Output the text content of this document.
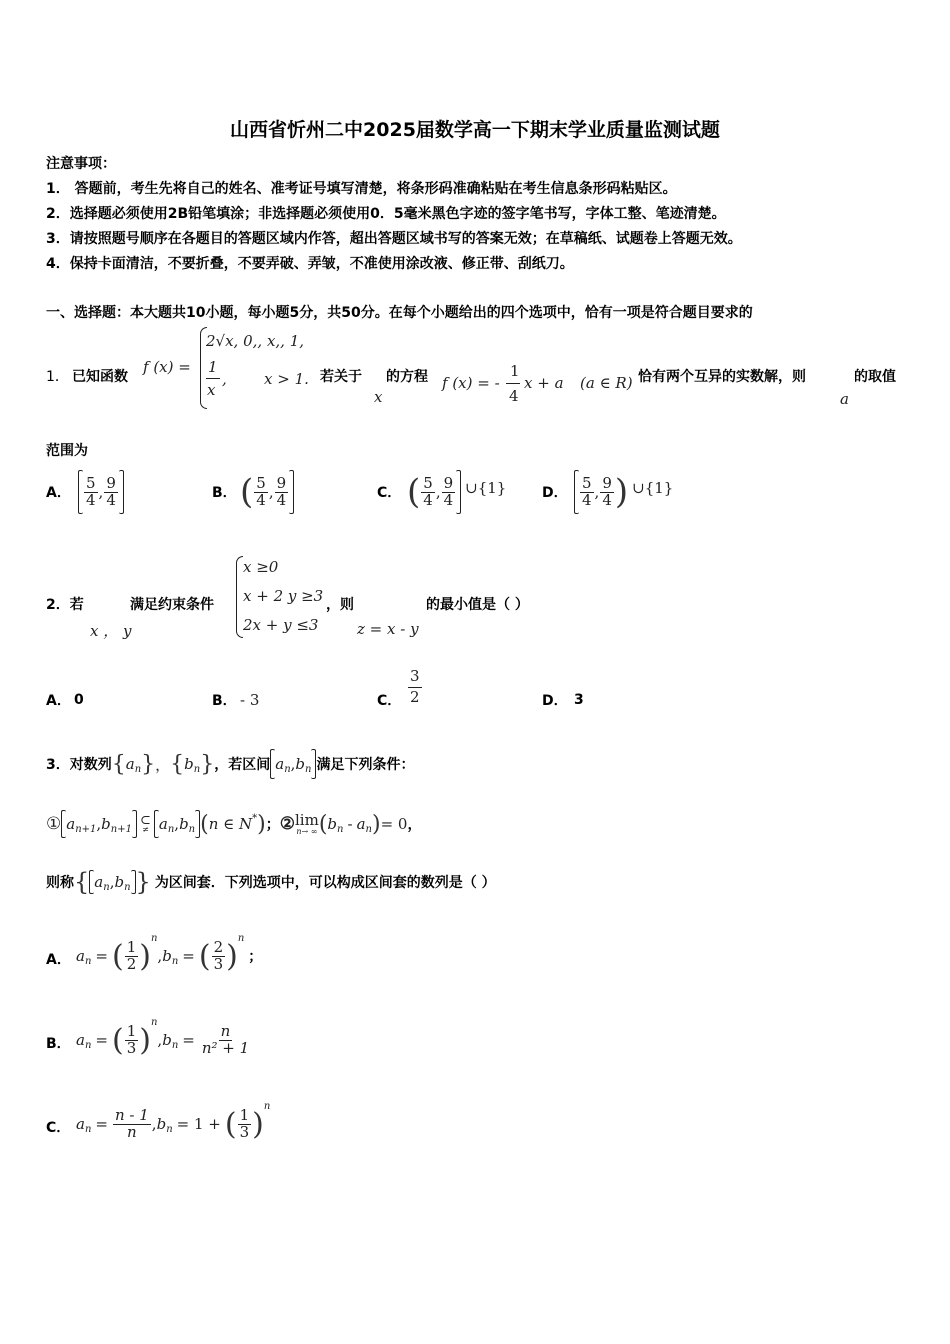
山西省忻州二中2025届数学高一下期末学业质量监测试题
注意事项：
1． 答题前，考生先将自己的姓名、准考证号填写清楚，将条形码准确粘贴在考生信息条形码粘贴区。
2．选择题必须使用2B铅笔填涂；非选择题必须使用0．5毫米黑色字迹的签字笔书写，字体工整、笔迹清楚。
3．请按照题号顺序在各题目的答题区域内作答，超出答题区域书写的答案无效；在草稿纸、试题卷上答题无效。
4．保持卡面清洁，不要折叠，不要弄破、弄皱，不准使用涂改液、修正带、刮纸刀。
一、选择题：本大题共10小题，每小题5分，共50分。在每个小题给出的四个选项中，恰有一项是符合题目要求的
1． 已知函数
f (x) =
2√x, 0,, x,, 1,
1
x
, x > 1. 若关于
x
的方程 f (x) = -
1
4
x + a (a ∈ R) 恰有两个互异的实数解，则
a
的取值
范围为
A． $\frac{5}{4}$ , $\frac{9}{4}$	B． ( $\frac{5}{4}$ , $\frac{9}{4}$	C． ( $\frac{5}{4}$ , $\frac{9}{4}$ ∪{1}	D． $\frac{5}{4}$ , $\frac{9}{4}$ ) ∪{1}
2．若
x ， y
满足约束条件
x ≥0
x + 2 y ≥3
2x + y ≤3
，则
z = x - y
的最小值是（ ）
A． 0	B． - 3	C． $\frac{3}{2}$	D． 3
3．对数列 { a n } ， { b n } ，若区间 a n , b n 满足下列条件：
① a n+1 , b n+1
⊂
≠ a n , b n ( n ∈ N * ) ； ② lim
n→ ∞ ( b n - a n ) = 0 ，
则称 { a n , b n } 为区间套．下列选项中，可以构成区间套的数列是（ ）
A． a n = ( $\frac{1}{2}$ )
n
, b n = ( $\frac{2}{3}$ )
n
；
B． a n = ( $\frac{1}{3}$ )
n
, b $n = \frac{n}{\text{n² + 1}}$
C． a $n = \frac{n - 1}{n}$ , b n = 1 + ( $\frac{1}{3}$ )
n
